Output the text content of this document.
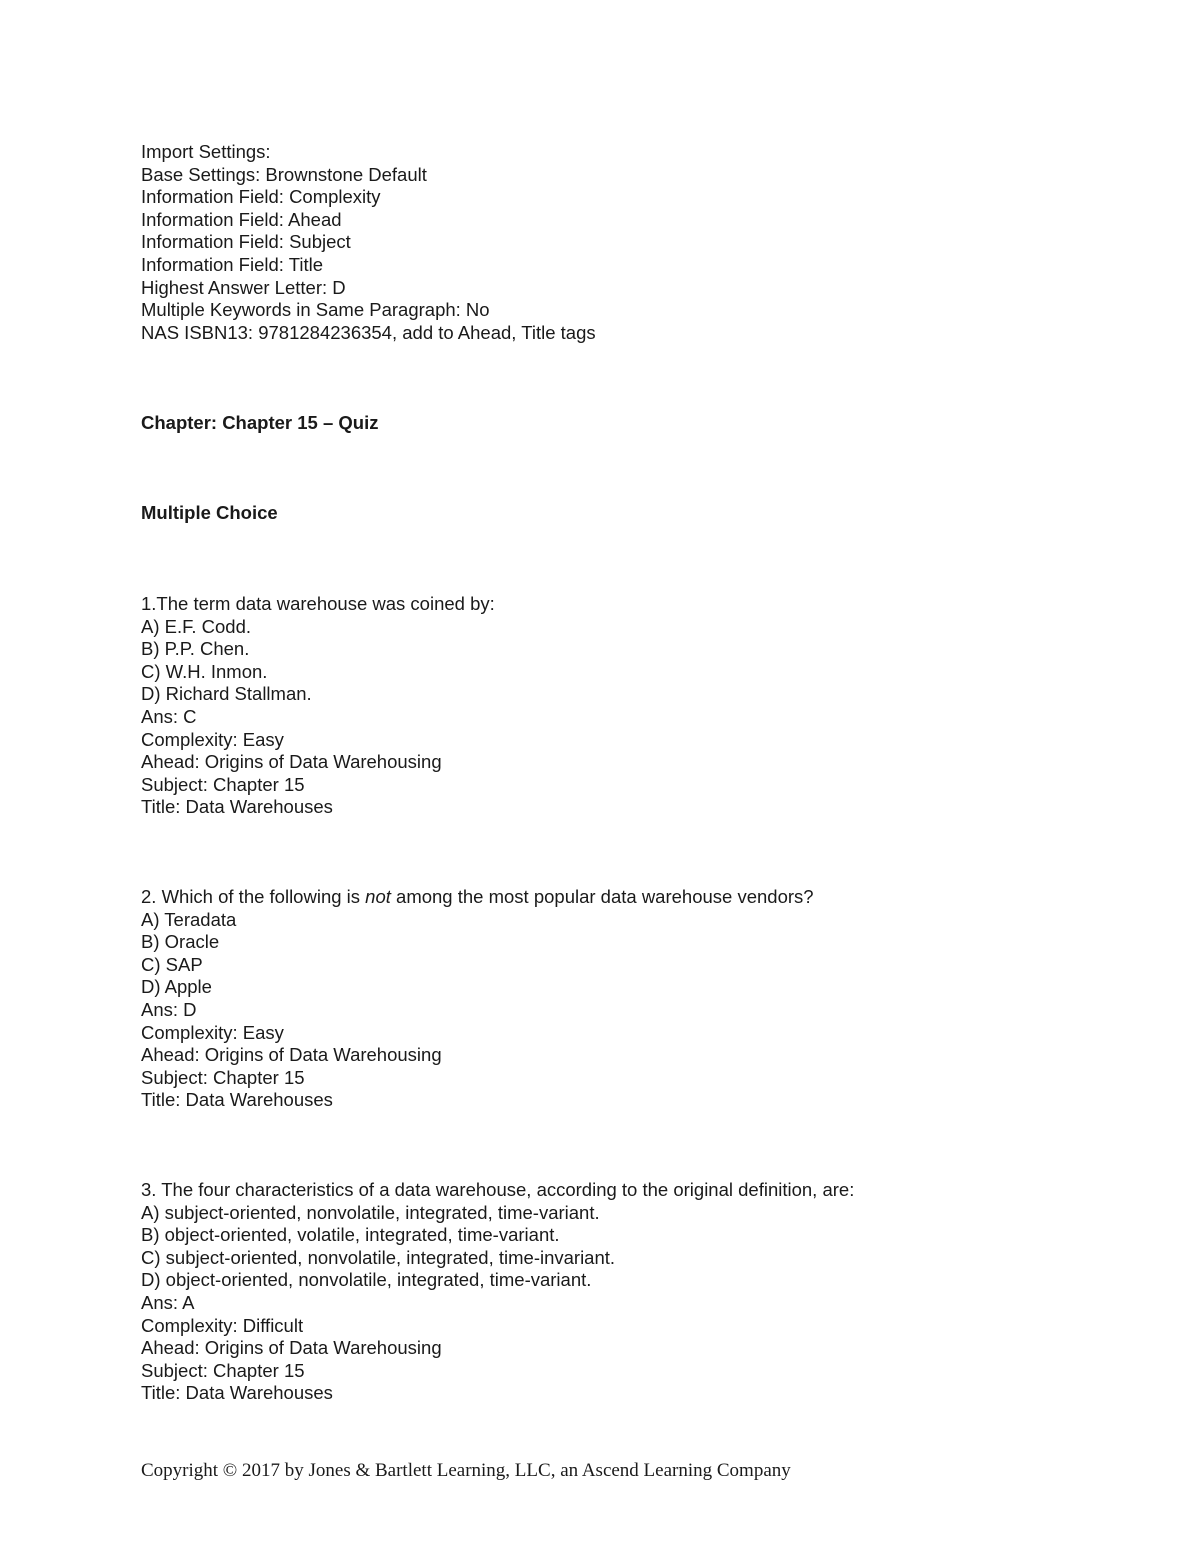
Import Settings:
Base Settings: Brownstone Default
Information Field: Complexity
Information Field: Ahead
Information Field: Subject
Information Field: Title
Highest Answer Letter: D
Multiple Keywords in Same Paragraph: No
NAS ISBN13: 9781284236354, add to Ahead, Title tags
Chapter: Chapter 15 – Quiz
Multiple Choice
1.The term data warehouse was coined by:
A) E.F. Codd.
B) P.P. Chen.
C) W.H. Inmon.
D) Richard Stallman.
Ans: C
Complexity: Easy
Ahead: Origins of Data Warehousing
Subject: Chapter 15
Title: Data Warehouses
2. Which of the following is not among the most popular data warehouse vendors?
A) Teradata
B) Oracle
C) SAP
D) Apple
Ans: D
Complexity: Easy
Ahead: Origins of Data Warehousing
Subject: Chapter 15
Title: Data Warehouses
3. The four characteristics of a data warehouse, according to the original definition, are:
A) subject-oriented, nonvolatile, integrated, time-variant.
B) object-oriented, volatile, integrated, time-variant.
C) subject-oriented, nonvolatile, integrated, time-invariant.
D) object-oriented, nonvolatile, integrated, time-variant.
Ans: A
Complexity: Difficult
Ahead: Origins of Data Warehousing
Subject: Chapter 15
Title: Data Warehouses
Copyright © 2017 by Jones & Bartlett Learning, LLC, an Ascend Learning Company
